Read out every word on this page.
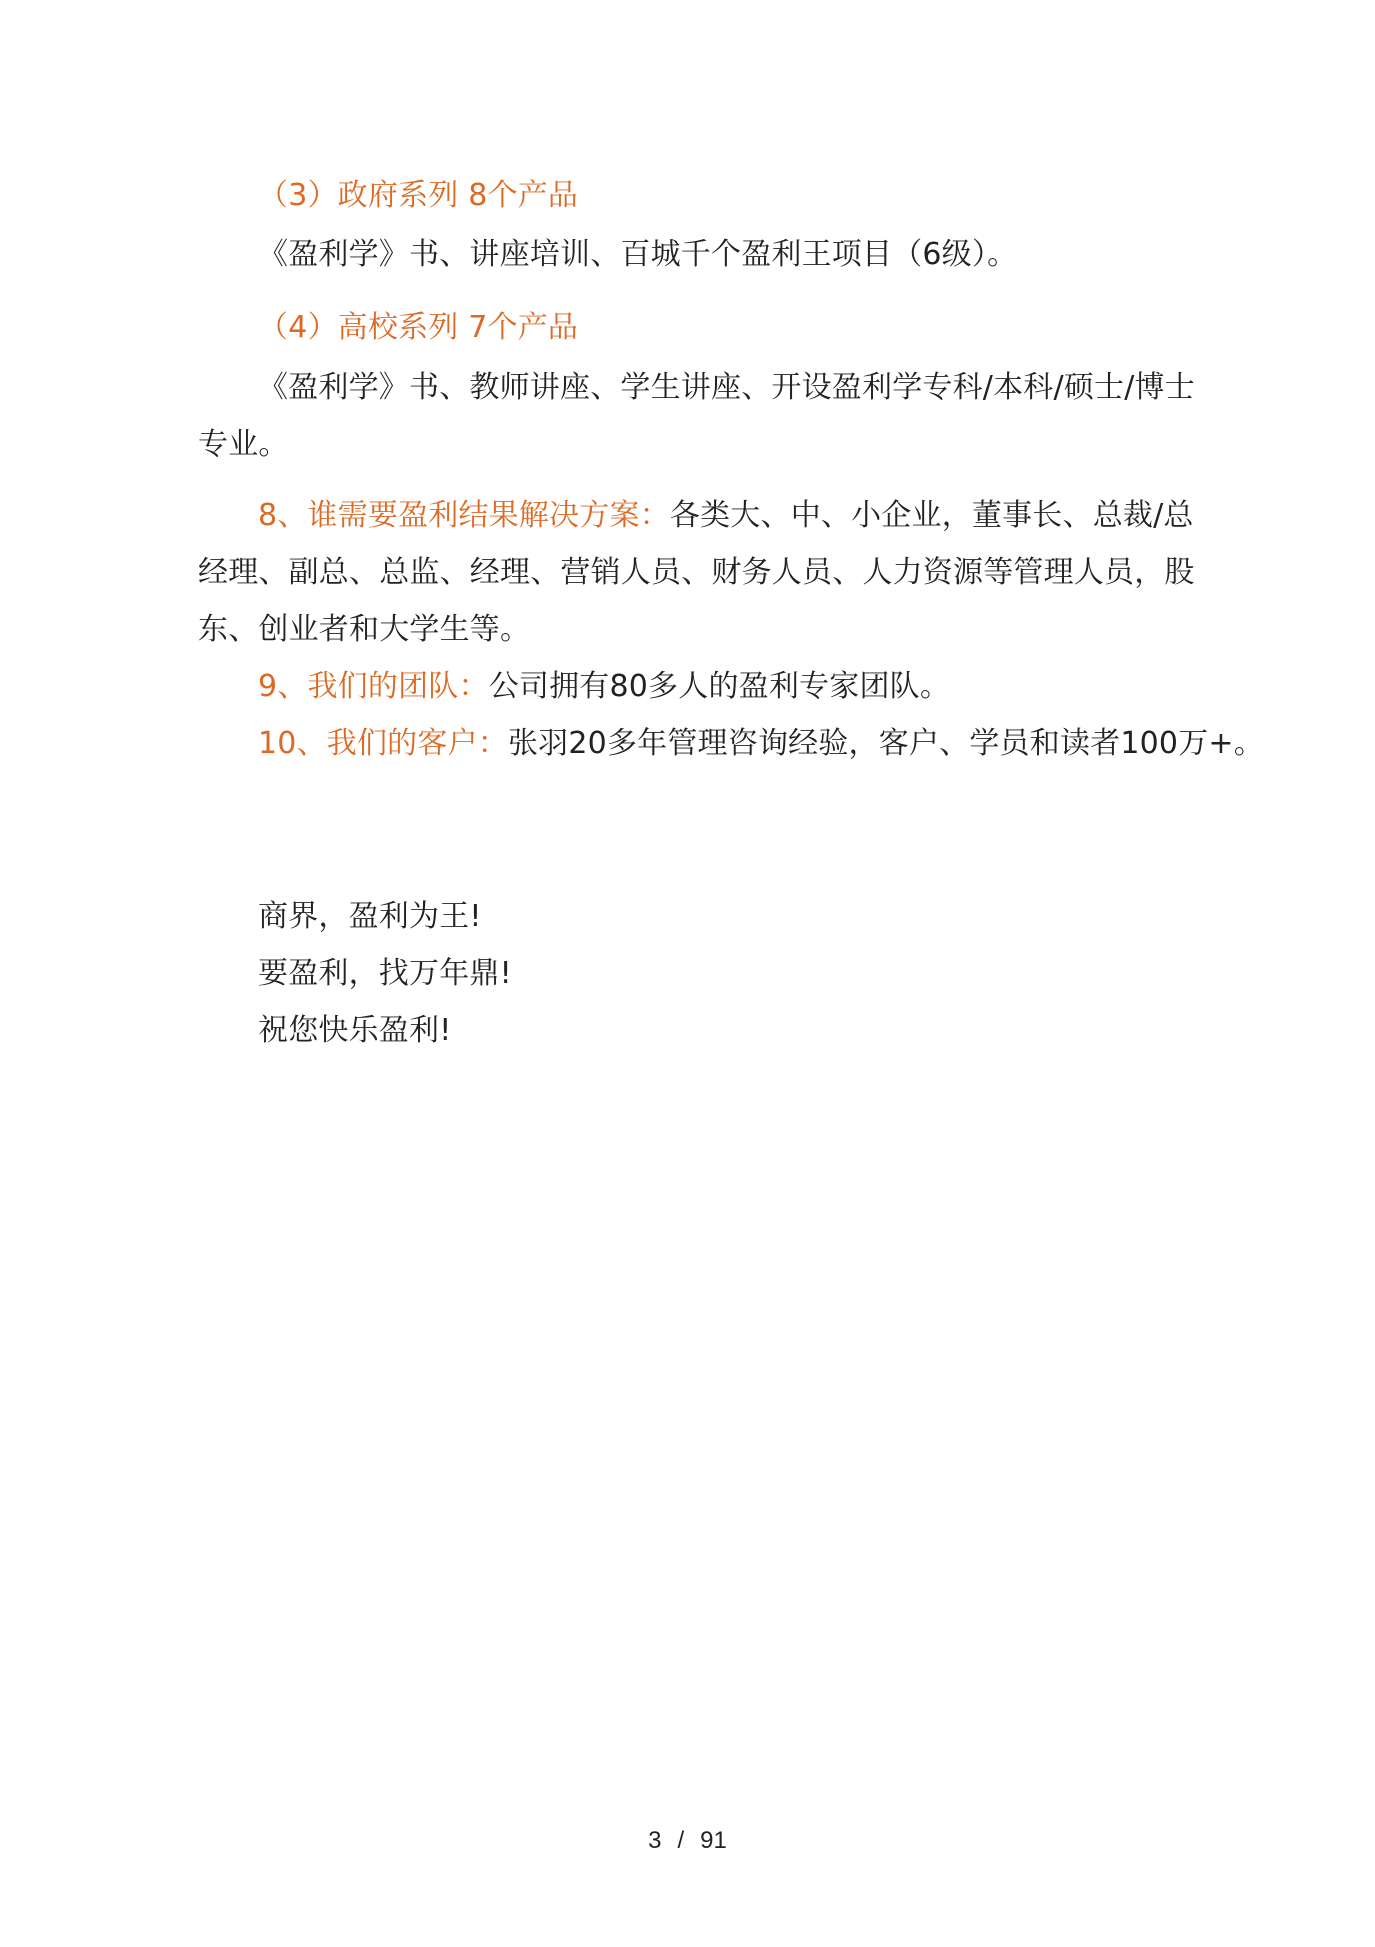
（3）政府系列 8个产品
《盈利学》书、讲座培训、百城千个盈利王项目（6级）。
（4）高校系列 7个产品
《盈利学》书、教师讲座、学生讲座、开设盈利学专科/本科/硕士/博士
专业。
8、谁需要盈利结果解决方案：各类大、中、小企业，董事长、总裁/总
经理、副总、总监、经理、营销人员、财务人员、人力资源等管理人员，股
东、创业者和大学生等。
9、我们的团队：公司拥有80多人的盈利专家团队。
10、我们的客户：张羽20多年管理咨询经验，客户、学员和读者100万+。
商界，盈利为王!
要盈利，找万年鼎!
祝您快乐盈利!
3 / 91
